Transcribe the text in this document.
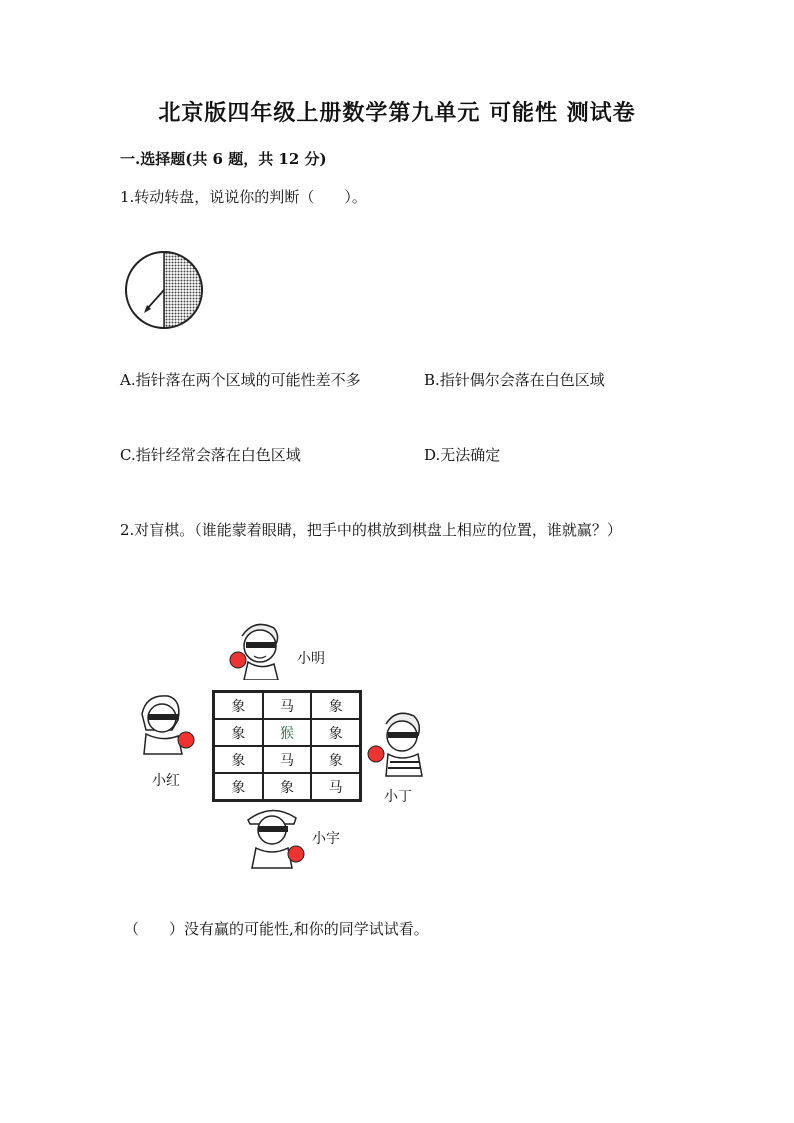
北京版四年级上册数学第九单元 可能性 测试卷
一.选择题(共 6 题，共 12 分)
1.转动转盘，说说你的判断（　　）。
A.指针落在两个区域的可能性差不多	B.指针偶尔会落在白色区域
C.指针经常会落在白色区域	D.无法确定
2.对盲棋。（谁能蒙着眼睛，把手中的棋放到棋盘上相应的位置，谁就赢？）
小明
小红
象	马	象
象	猴	象
象	马	象
象	象	马
小丁
小宇
（　　）没有赢的可能性,和你的同学试试看。
